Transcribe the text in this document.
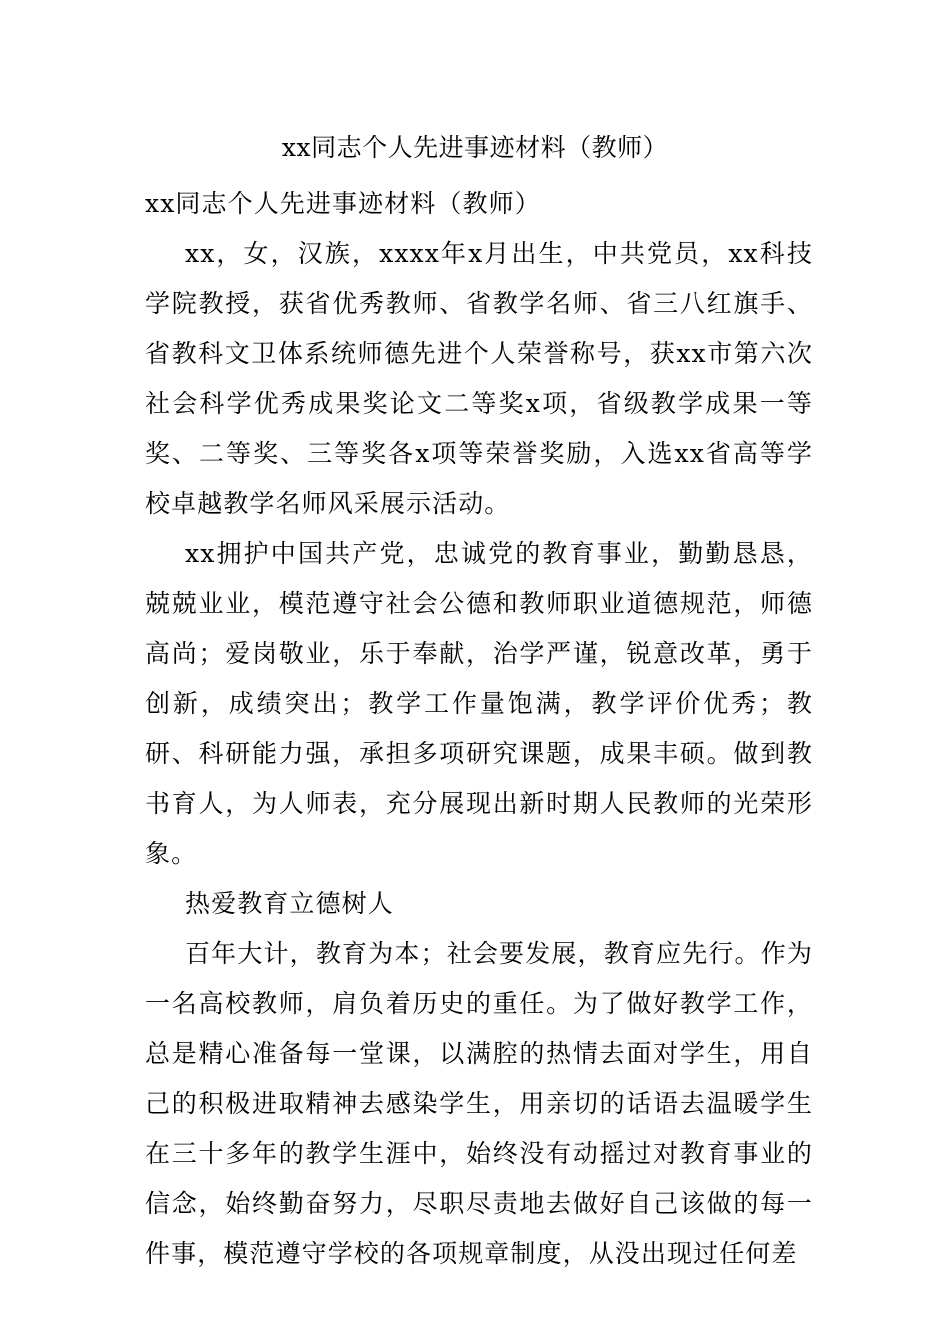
xx同志个人先进事迹材料（教师）

xx同志个人先进事迹材料（教师）

xx，女，汉族，xxxx年x月出生，中共党员，xx科技学院教授，获省优秀教师、省教学名师、省三八红旗手、省教科文卫体系统师德先进个人荣誉称号，获xx市第六次社会科学优秀成果奖论文二等奖x项，省级教学成果一等奖、二等奖、三等奖各x项等荣誉奖励，入选xx省高等学校卓越教学名师风采展示活动。

xx拥护中国共产党，忠诚党的教育事业，勤勤恳恳，兢兢业业，模范遵守社会公德和教师职业道德规范，师德高尚；爱岗敬业，乐于奉献，治学严谨，锐意改革，勇于创新，成绩突出；教学工作量饱满，教学评价优秀；教研、科研能力强，承担多项研究课题，成果丰硕。做到教书育人，为人师表，充分展现出新时期人民教师的光荣形象。

热爱教育立德树人

百年大计，教育为本；社会要发展，教育应先行。作为一名高校教师，肩负着历史的重任。为了做好教学工作，总是精心准备每一堂课，以满腔的热情去面对学生，用自己的积极进取精神去感染学生，用亲切的话语去温暖学生在三十多年的教学生涯中，始终没有动摇过对教育事业的信念，始终勤奋努力，尽职尽责地去做好自己该做的每一件事，模范遵守学校的各项规章制度，从没出现过任何差
